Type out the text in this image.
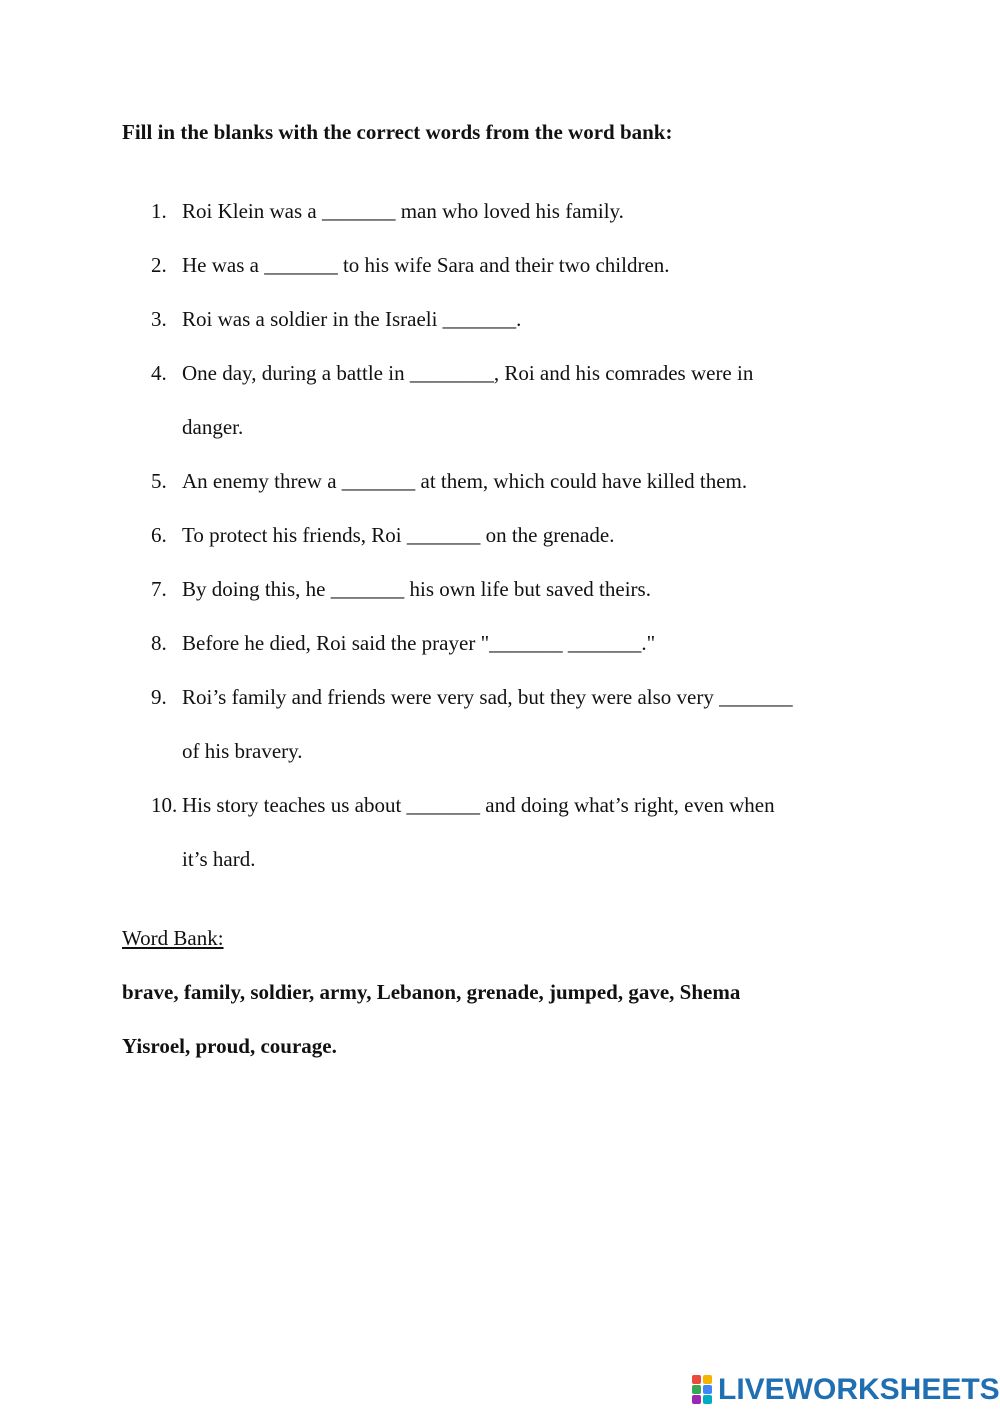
Fill in the blanks with the correct words from the word bank:
1. Roi Klein was a _______ man who loved his family.
2. He was a _______ to his wife Sara and their two children.
3. Roi was a soldier in the Israeli _______.
4. One day, during a battle in ________, Roi and his comrades were in
danger.
5. An enemy threw a _______ at them, which could have killed them.
6. To protect his friends, Roi _______ on the grenade.
7. By doing this, he _______ his own life but saved theirs.
8. Before he died, Roi said the prayer "_______ _______."
9. Roi’s family and friends were very sad, but they were also very _______
of his bravery.
10. His story teaches us about _______ and doing what’s right, even when
it’s hard.
Word Bank:
brave, family, soldier, army, Lebanon, grenade, jumped, gave, Shema
Yisroel, proud, courage.
LIVEWORKSHEETS
